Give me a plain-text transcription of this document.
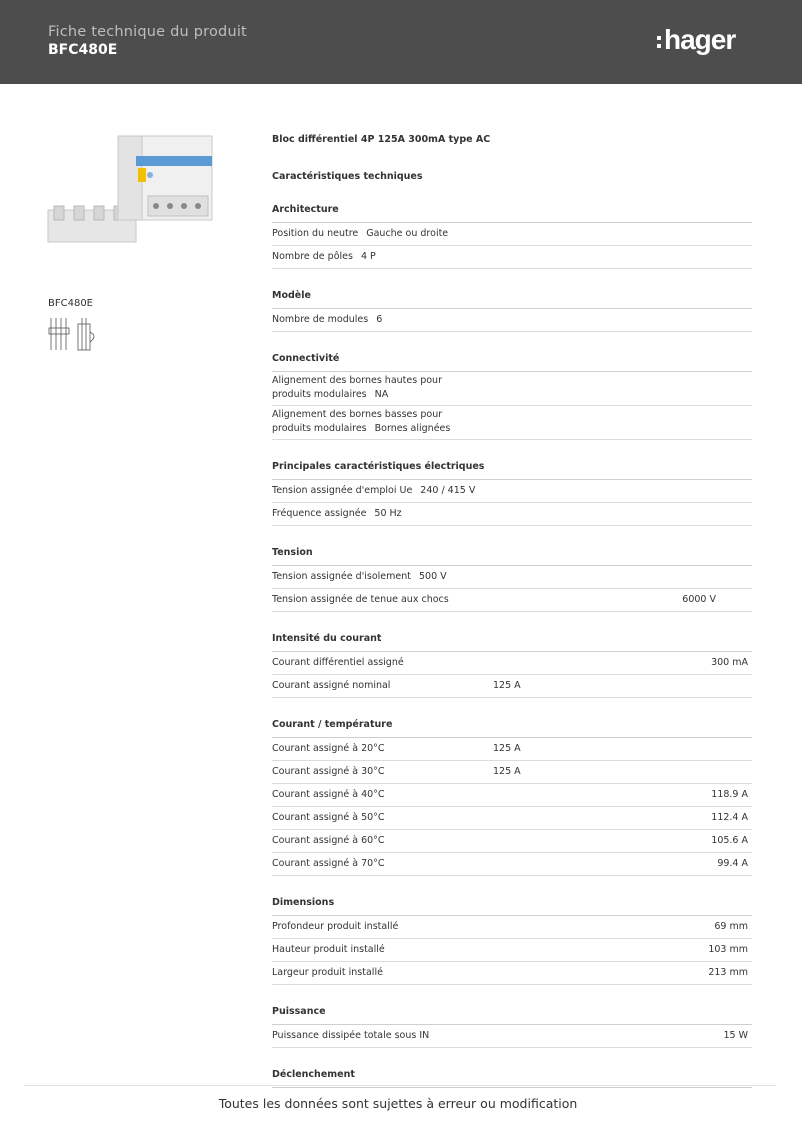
Fiche technique du produit
BFC480E	hager
BFC480E
Bloc différentiel 4P 125A 300mA type AC
Caractéristiques techniques
Architecture
Position du neutre Gauche ou droite
Nombre de pôles 4 P
Modèle
Nombre de modules 6
Connectivité
Alignement des bornes hautes pour
produits modulaires NA
Alignement des bornes basses pour
produits modulaires Bornes alignées
Principales caractéristiques électriques
Tension assignée d'emploi Ue 240 / 415 V
Fréquence assignée 50 Hz
Tension
Tension assignée d'isolement 500 V
Tension assignée de tenue aux chocs	6000 V
Intensité du courant
Courant différentiel assigné	300 mA
Courant assigné nominal	125 A
Courant / température
Courant assigné à 20°C	125 A
Courant assigné à 30°C	125 A
Courant assigné à 40°C	118.9 A
Courant assigné à 50°C	112.4 A
Courant assigné à 60°C	105.6 A
Courant assigné à 70°C	99.4 A
Dimensions
Profondeur produit installé	69 mm
Hauteur produit installé	103 mm
Largeur produit installé	213 mm
Puissance
Puissance dissipée totale sous IN	15 W
Déclenchement
Toutes les données sont sujettes à erreur ou modification
